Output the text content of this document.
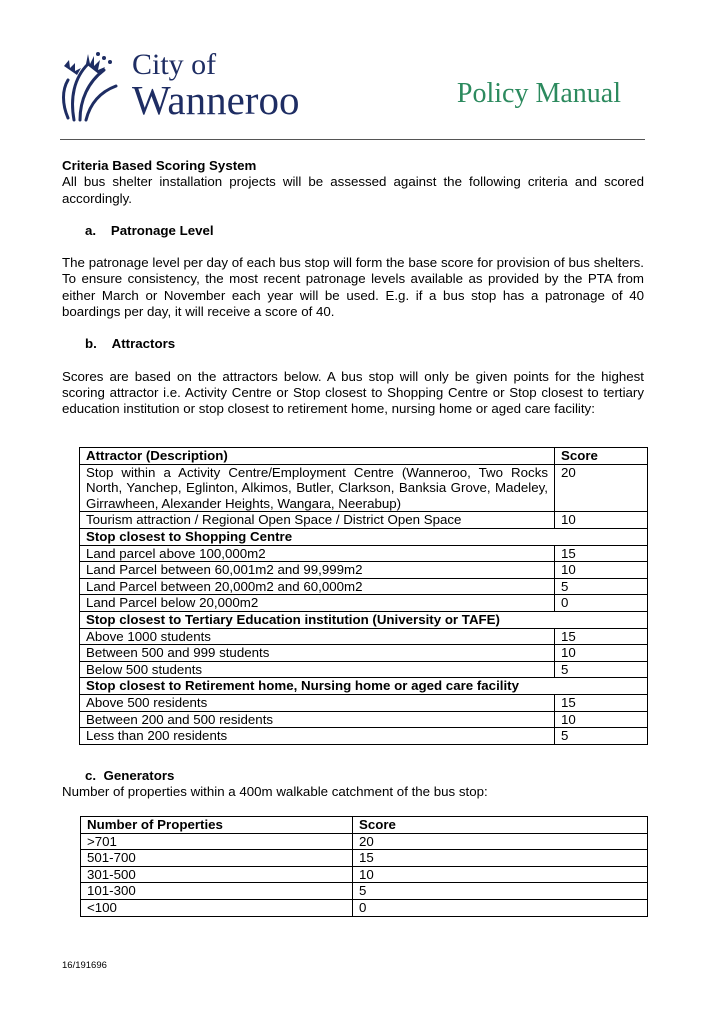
City of
Wanneroo	Policy Manual

Criteria Based Scoring System

All bus shelter installation projects will be assessed against the following criteria and scored accordingly.

a. Patronage Level

The patronage level per day of each bus stop will form the base score for provision of bus shelters. To ensure consistency, the most recent patronage levels available as provided by the PTA from either March or November each year will be used. E.g. if a bus stop has a patronage of 40 boardings per day, it will receive a score of 40.

b. Attractors

Scores are based on the attractors below. A bus stop will only be given points for the highest scoring attractor i.e. Activity Centre or Stop closest to Shopping Centre or Stop closest to tertiary education institution or stop closest to retirement home, nursing home or aged care facility:

Attractor (Description)	Score
Stop within a Activity Centre/Employment Centre (Wanneroo, Two Rocks North, Yanchep, Eglinton, Alkimos, Butler, Clarkson, Banksia Grove, Madeley, Girrawheen, Alexander Heights, Wangara, Neerabup)	20
Tourism attraction / Regional Open Space / District Open Space	10
Stop closest to Shopping Centre	
Land parcel above 100,000m2	15
Land Parcel between 60,001m2 and 99,999m2	10
Land Parcel between 20,000m2 and 60,000m2	5
Land Parcel below 20,000m2	0
Stop closest to Tertiary Education institution (University or TAFE)	
Above 1000 students	15
Between 500 and 999 students	10
Below 500 students	5
Stop closest to Retirement home, Nursing home or aged care facility	
Above 500 residents	15
Between 200 and 500 residents	10
Less than 200 residents	5

c. Generators

Number of properties within a 400m walkable catchment of the bus stop:

Number of Properties	Score
>701	20
501-700	15
301-500	10
101-300	5
<100	0
16/191696
